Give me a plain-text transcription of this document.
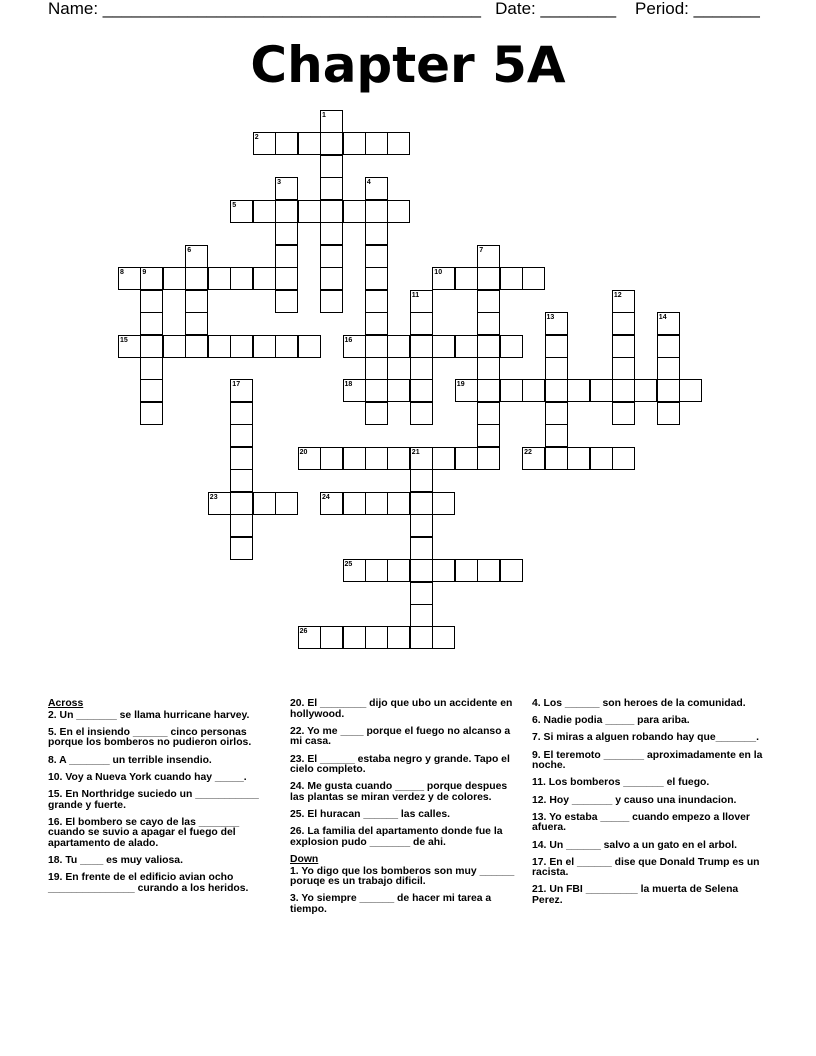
Name: ________________________________________   Date: ________    Period: _______
Chapter 5A
1
2
3	4
5
6	7
8	9	10
11	12
13	14
15	16
17	18	19
20	21	22
23	24
25
26
Across
2. Un _______ se llama hurricane harvey.
5. En el insiendo ______ cinco personas porque los bomberos no pudieron oirlos.
8. A _______ un terrible insendio.
10. Voy a Nueva York cuando hay _____.
15. En Northridge suciedo un ___________ grande y fuerte.
16. El bombero se cayo de las _______ cuando se suvio a apagar el fuego del apartamento de alado.
18. Tu ____ es muy valiosa.
19. En frente de el edificio avian ocho _______________ curando a los heridos.
20. El ________ dijo que ubo un accidente en hollywood.
22. Yo me ____ porque el fuego no alcanso a mi casa.
23. El ______ estaba negro y grande. Tapo el cielo completo.
24. Me gusta cuando _____ porque despues las plantas se miran verdez y de colores.
25. El huracan ______ las calles.
26. La familia del apartamento donde fue la explosion pudo _______ de ahi.
Down
1. Yo digo que los bomberos son muy ______ poruqe es un trabajo dificil.
3. Yo siempre ______ de hacer mi tarea a tiempo.
4. Los ______ son heroes de la comunidad.
6. Nadie podia _____ para ariba.
7. Si miras a alguen robando hay que_______.
9. El teremoto _______ aproximadamente en la noche.
11. Los bomberos _______ el fuego.
12. Hoy _______ y causo una inundacion.
13. Yo estaba _____ cuando empezo a llover afuera.
14. Un ______ salvo a un gato en el arbol.
17. En el ______ dise que Donald Trump es un racista.
21. Un FBI _________ la muerta de Selena Perez.
